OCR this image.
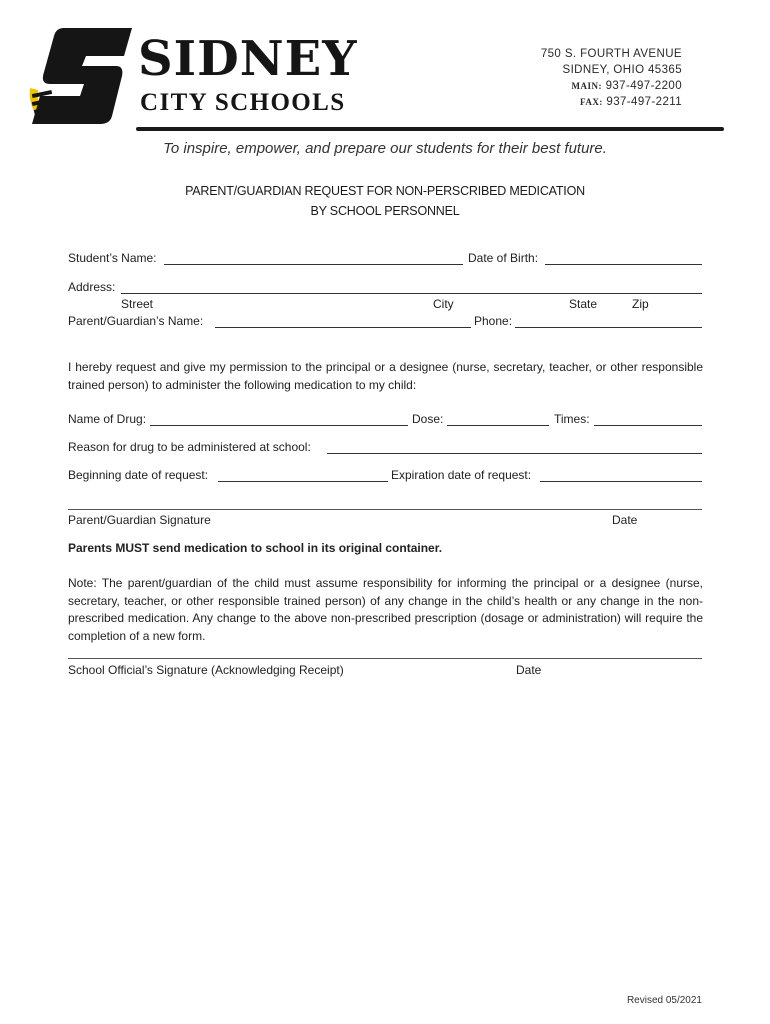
SIDNEY
CITY SCHOOLS
750 S. FOURTH AVENUE
SIDNEY, OHIO 45365
MAIN: 937-497-2200
FAX: 937-497-2211
To inspire, empower, and prepare our students for their best future.
PARENT/GUARDIAN REQUEST FOR NON-PERSCRIBED MEDICATION
BY SCHOOL PERSONNEL
Student’s Name:	Date of Birth:
Address:
Street	City	State	Zip
Parent/Guardian’s Name:	Phone:
I hereby request and give my permission to the principal or a designee (nurse, secretary, teacher, or other responsible trained person) to administer the following medication to my child:
Name of Drug:	Dose:	Times:
Reason for drug to be administered at school:
Beginning date of request:	Expiration date of request:
Parent/Guardian Signature	Date
Parents MUST send medication to school in its original container.
Note: The parent/guardian of the child must assume responsibility for informing the principal or a designee (nurse, secretary, teacher, or other responsible trained person) of any change in the child’s health or any change in the non-prescribed medication. Any change to the above non-prescribed prescription (dosage or administration) will require the completion of a new form.
School Official’s Signature (Acknowledging Receipt)	Date
Revised 05/2021
